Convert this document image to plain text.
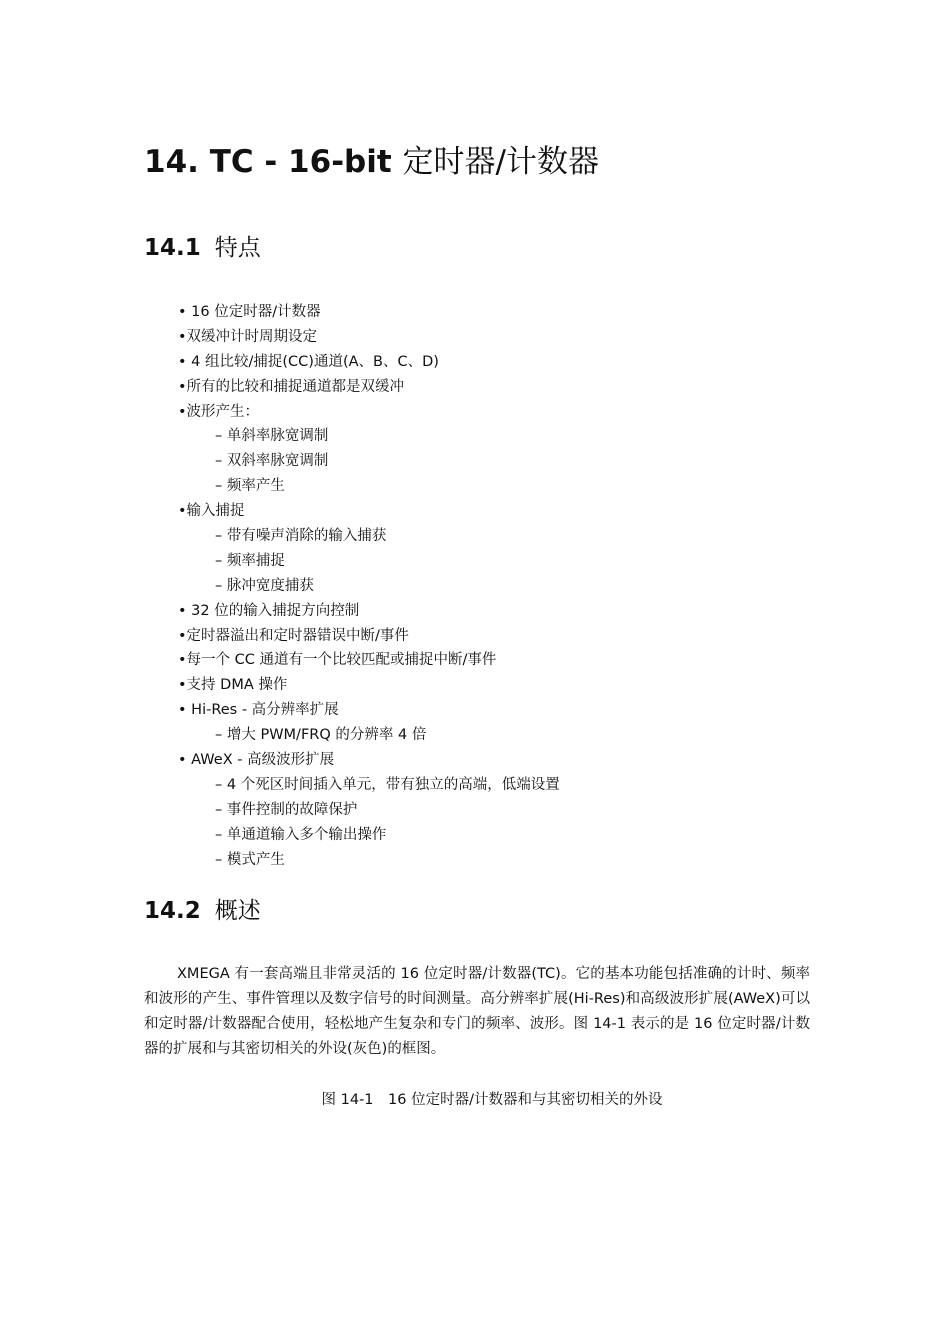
14. TC - 16-bit 定时器/计数器
14.1 特点
• 16 位定时器/计数器
•双缓冲计时周期设定
• 4 组比较/捕捉(CC)通道(A、B、C、D)
•所有的比较和捕捉通道都是双缓冲
•波形产生：
– 单斜率脉宽调制
– 双斜率脉宽调制
– 频率产生
•输入捕捉
– 带有噪声消除的输入捕获
– 频率捕捉
– 脉冲宽度捕获
• 32 位的输入捕捉方向控制
•定时器溢出和定时器错误中断/事件
•每一个 CC 通道有一个比较匹配或捕捉中断/事件
•支持 DMA 操作
• Hi-Res - 高分辨率扩展
– 增大 PWM/FRQ 的分辨率 4 倍
• AWeX - 高级波形扩展
– 4 个死区时间插入单元，带有独立的高端，低端设置
– 事件控制的故障保护
– 单通道输入多个输出操作
– 模式产生
14.2 概述

XMEGA 有一套高端且非常灵活的 16 位定时器/计数器(TC)。它的基本功能包括准确的计时、频率和波形的产生、事件管理以及数字信号的时间测量。高分辨率扩展(Hi-Res)和高级波形扩展(AWeX)可以和定时器/计数器配合使用，轻松地产生复杂和专门的频率、波形。图 14-1 表示的是 16 位定时器/计数器的扩展和与其密切相关的外设(灰色)的框图。

图 14-1　16 位定时器/计数器和与其密切相关的外设
